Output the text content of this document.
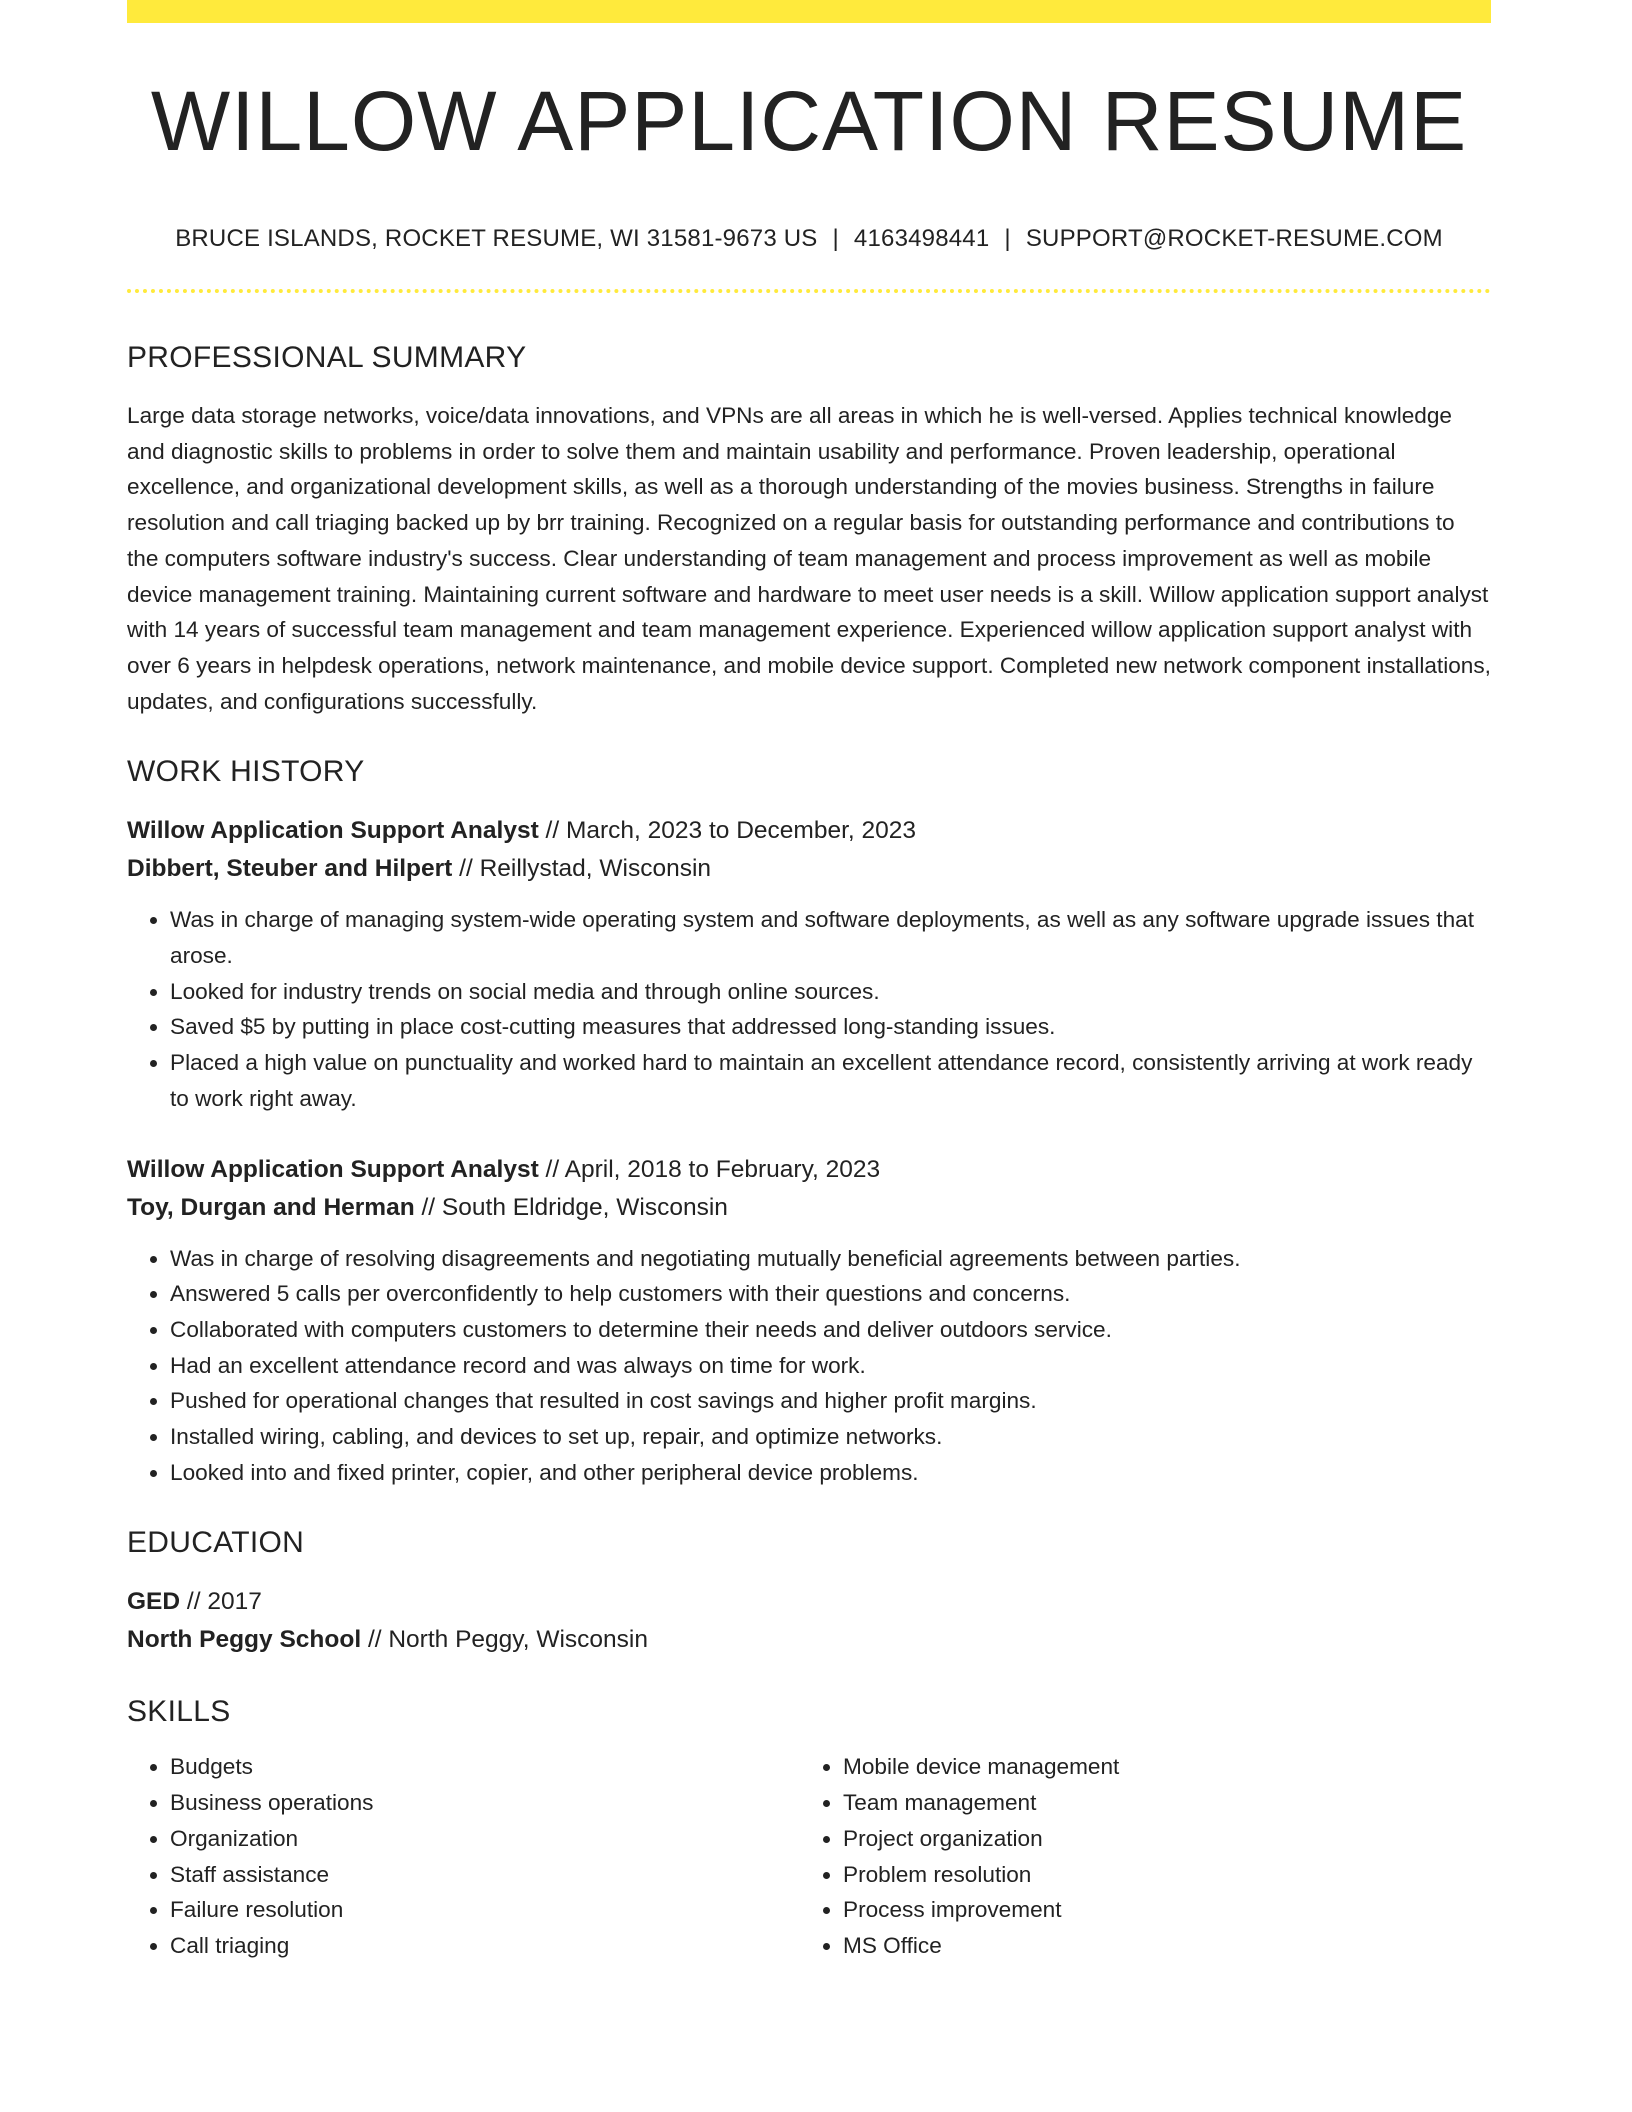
WILLOW APPLICATION RESUME
BRUCE ISLANDS, ROCKET RESUME, WI 31581-9673 US | 4163498441 | SUPPORT@ROCKET-RESUME.COM
PROFESSIONAL SUMMARY
Large data storage networks, voice/data innovations, and VPNs are all areas in which he is well-versed. Applies technical knowledge and diagnostic skills to problems in order to solve them and maintain usability and performance. Proven leadership, operational excellence, and organizational development skills, as well as a thorough understanding of the movies business. Strengths in failure resolution and call triaging backed up by brr training. Recognized on a regular basis for outstanding performance and contributions to the computers software industry's success. Clear understanding of team management and process improvement as well as mobile device management training. Maintaining current software and hardware to meet user needs is a skill. Willow application support analyst with 14 years of successful team management and team management experience. Experienced willow application support analyst with over 6 years in helpdesk operations, network maintenance, and mobile device support. Completed new network component installations, updates, and configurations successfully.
WORK HISTORY
Willow Application Support Analyst // March, 2023 to December, 2023
Dibbert, Steuber and Hilpert // Reillystad, Wisconsin
• Was in charge of managing system-wide operating system and software deployments, as well as any software upgrade issues that arose.
• Looked for industry trends on social media and through online sources.
• Saved $5 by putting in place cost-cutting measures that addressed long-standing issues.
• Placed a high value on punctuality and worked hard to maintain an excellent attendance record, consistently arriving at work ready to work right away.
Willow Application Support Analyst // April, 2018 to February, 2023
Toy, Durgan and Herman // South Eldridge, Wisconsin
• Was in charge of resolving disagreements and negotiating mutually beneficial agreements between parties.
• Answered 5 calls per overconfidently to help customers with their questions and concerns.
• Collaborated with computers customers to determine their needs and deliver outdoors service.
• Had an excellent attendance record and was always on time for work.
• Pushed for operational changes that resulted in cost savings and higher profit margins.
• Installed wiring, cabling, and devices to set up, repair, and optimize networks.
• Looked into and fixed printer, copier, and other peripheral device problems.
EDUCATION
GED // 2017
North Peggy School // North Peggy, Wisconsin
SKILLS
• Budgets
• Business operations
• Organization
• Staff assistance
• Failure resolution
• Call triaging
• Mobile device management
• Team management
• Project organization
• Problem resolution
• Process improvement
• MS Office
